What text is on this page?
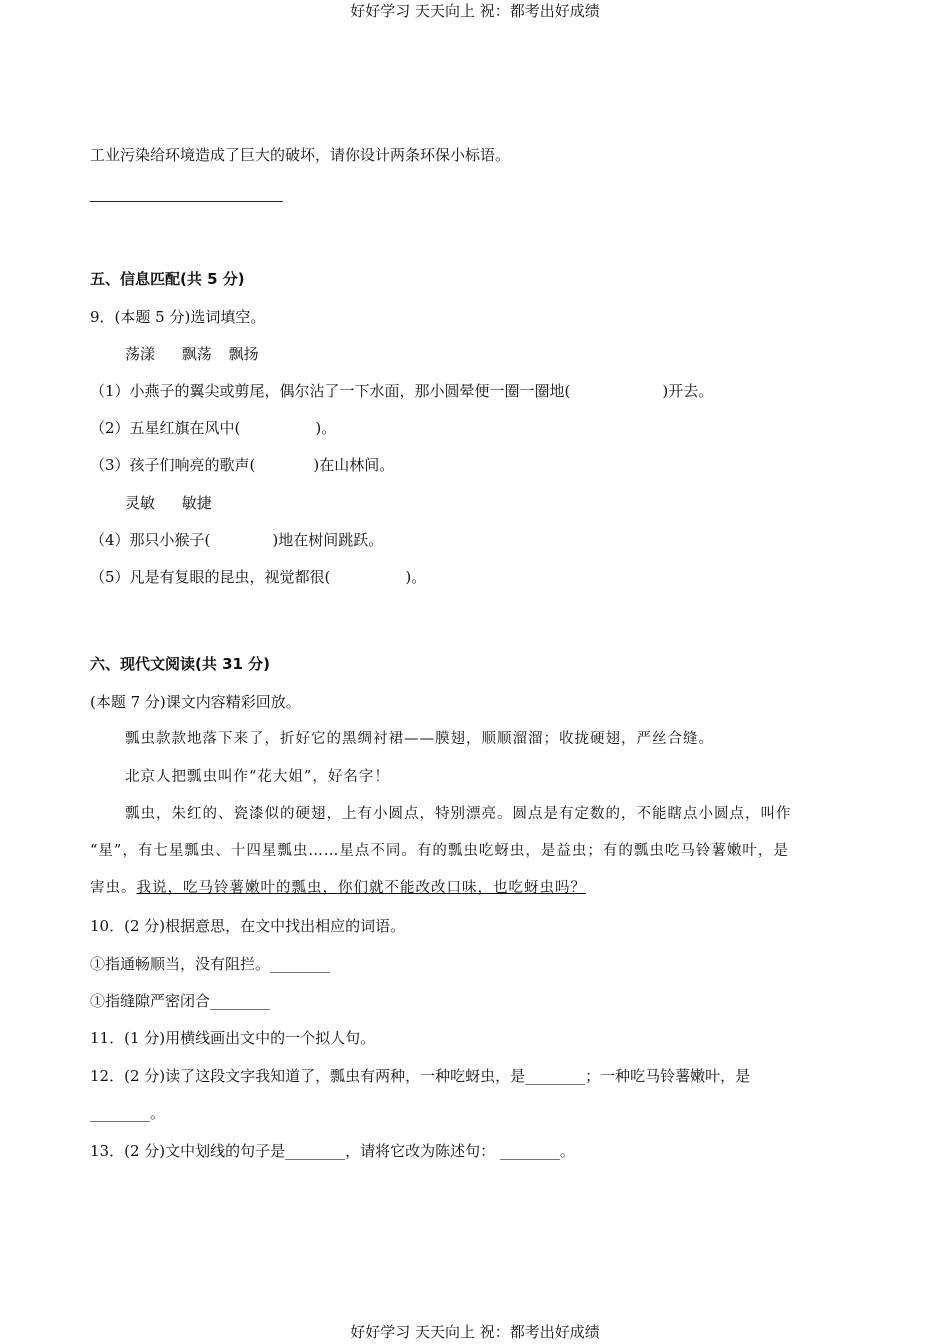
好好学习 天天向上 祝：都考出好成绩
工业污染给环境造成了巨大的破坏，请你设计两条环保小标语。
五、信息匹配(共 5 分)
9．(本题 5 分)选词填空。
荡漾 飘荡 飘扬
（1）小燕子的翼尖或剪尾，偶尔沾了一下水面，那小圆晕便一圈一圈地(	)开去。
（2）五星红旗在风中(	)。
（3）孩子们响亮的歌声(	)在山林间。
灵敏 敏捷
（4）那只小猴子(	)地在树间跳跃。
（5）凡是有复眼的昆虫，视觉都很(	)。
六、现代文阅读(共 31 分)
(本题 7 分)课文内容精彩回放。
瓢虫款款地落下来了，折好它的黑绸衬裙——膜翅，顺顺溜溜；收拢硬翅，严丝合缝。
北京人把瓢虫叫作“花大姐”，好名字！
瓢虫，朱红的、瓷漆似的硬翅，上有小圆点，特别漂亮。圆点是有定数的，不能瞎点小圆点，叫作
“星”，有七星瓢虫、十四星瓢虫……星点不同。有的瓢虫吃蚜虫，是益虫；有的瓢虫吃马铃薯嫩叶，是
害虫。我说，吃马铃薯嫩叶的瓢虫，你们就不能改改口味，也吃蚜虫吗？
10．(2 分)根据意思，在文中找出相应的词语。
①指通畅顺当，没有阻拦。________
①指缝隙严密闭合________
11．(1 分)用横线画出文中的一个拟人句。
12．(2 分)读了这段文字我知道了，瓢虫有两种，一种吃蚜虫，是________；一种吃马铃薯嫩叶，是
________。
13．(2 分)文中划线的句子是________，请将它改为陈述句： ________。
好好学习 天天向上 祝：都考出好成绩
